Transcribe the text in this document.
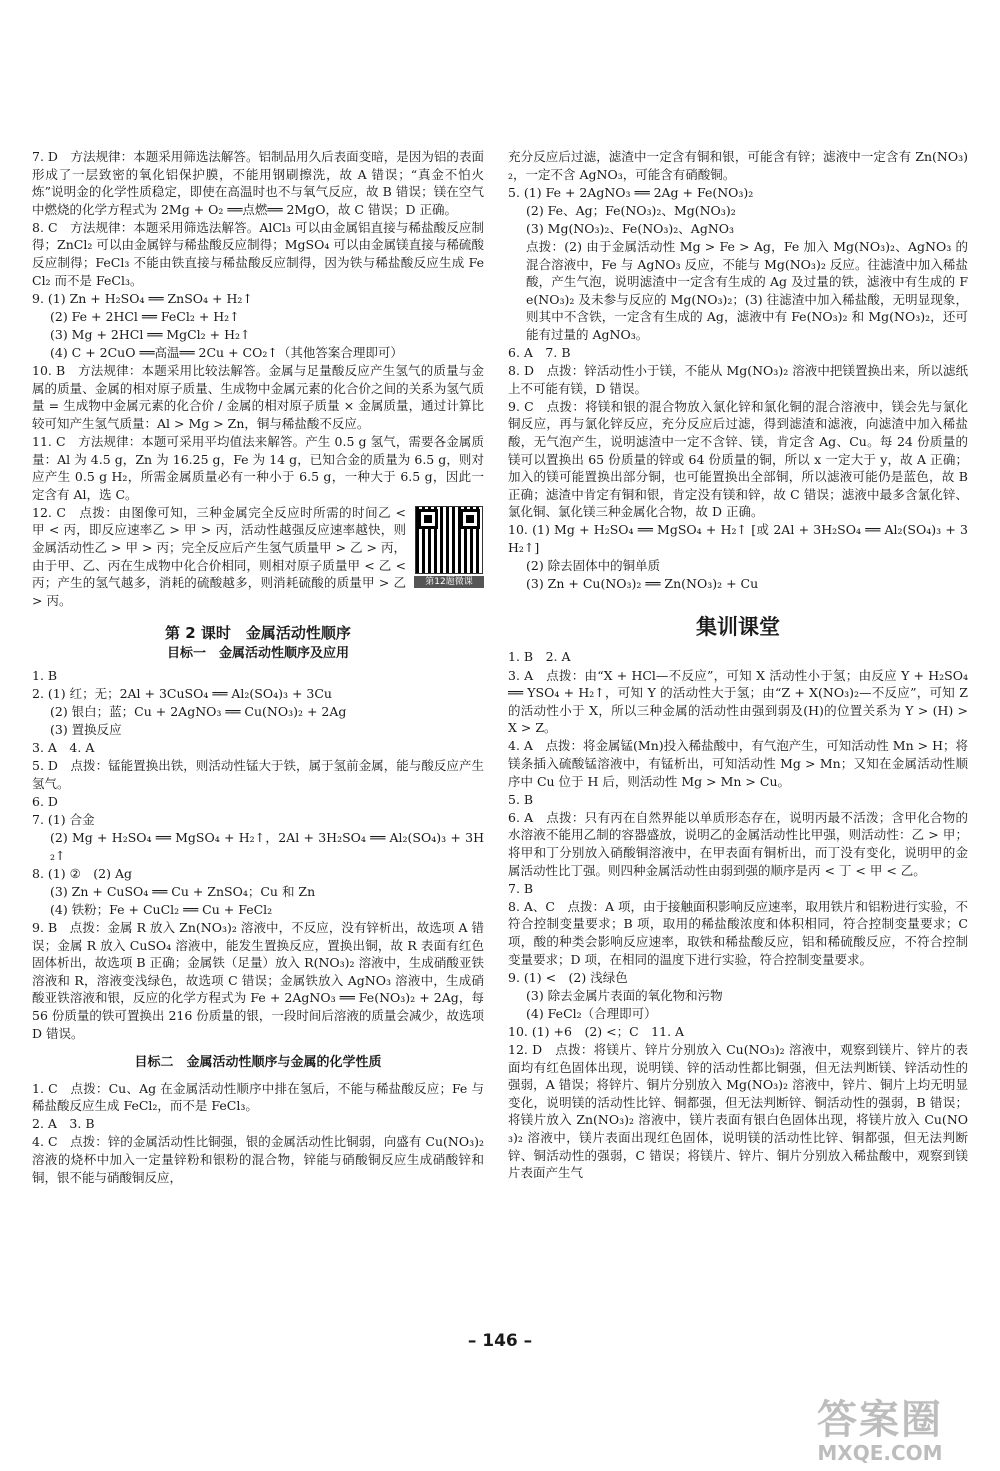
7. D　方法规律：本题采用筛选法解答。铝制品用久后表面变暗，是因为铝的表面形成了一层致密的氧化铝保护膜，不能用钢刷擦洗，故 A 错误；“真金不怕火炼”说明金的化学性质稳定，即使在高温时也不与氧气反应，故 B 错误；镁在空气中燃烧的化学方程式为 2Mg + O₂ ══点燃══ 2MgO，故 C 错误；D 正确。

8. C　方法规律：本题采用筛选法解答。AlCl₃ 可以由金属铝直接与稀盐酸反应制得；ZnCl₂ 可以由金属锌与稀盐酸反应制得；MgSO₄ 可以由金属镁直接与稀硫酸反应制得；FeCl₃ 不能由铁直接与稀盐酸反应制得，因为铁与稀盐酸反应生成 FeCl₂ 而不是 FeCl₃。

9. (1) Zn + H₂SO₄ ══ ZnSO₄ + H₂↑

(2) Fe + 2HCl ══ FeCl₂ + H₂↑

(3) Mg + 2HCl ══ MgCl₂ + H₂↑

(4) C + 2CuO ══高温══ 2Cu + CO₂↑（其他答案合理即可）

10. B　方法规律：本题采用比较法解答。金属与足量酸反应产生氢气的质量与金属的质量、金属的相对原子质量、生成物中金属元素的化合价之间的关系为氢气质量 = 生成物中金属元素的化合价 / 金属的相对原子质量 × 金属质量，通过计算比较可知产生氢气质量：Al > Mg > Zn，铜与稀盐酸不反应。

11. C　方法规律：本题可采用平均值法来解答。产生 0.5 g 氢气，需要各金属质量：Al 为 4.5 g，Zn 为 16.25 g，Fe 为 14 g，已知合金的质量为 6.5 g，则对应产生 0.5 g H₂，所需金属质量必有一种小于 6.5 g，一种大于 6.5 g，因此一定含有 Al，选 C。

第12题微课

12. C　点拨：由图像可知，三种金属完全反应时所需的时间乙 < 甲 < 丙，即反应速率乙 > 甲 > 丙，活动性越强反应速率越快，则金属活动性乙 > 甲 > 丙；完全反应后产生氢气质量甲 > 乙 > 丙，由于甲、乙、丙在生成物中化合价相同，则相对原子质量甲 < 乙 < 丙；产生的氢气越多，消耗的硫酸越多，则消耗硫酸的质量甲 > 乙 > 丙。

第 2 课时　金属活动性顺序
目标一　金属活动性顺序及应用

1. B

2. (1) 红；无；2Al + 3CuSO₄ ══ Al₂(SO₄)₃ + 3Cu

(2) 银白；蓝；Cu + 2AgNO₃ ══ Cu(NO₃)₂ + 2Ag

(3) 置换反应

3. A　4. A

5. D　点拨：锰能置换出铁，则活动性锰大于铁，属于氢前金属，能与酸反应产生氢气。

6. D

7. (1) 合金

(2) Mg + H₂SO₄ ══ MgSO₄ + H₂↑，2Al + 3H₂SO₄ ══ Al₂(SO₄)₃ + 3H₂↑

8. (1) ②　(2) Ag

(3) Zn + CuSO₄ ══ Cu + ZnSO₄；Cu 和 Zn

(4) 铁粉；Fe + CuCl₂ ══ Cu + FeCl₂

9. B　点拨：金属 R 放入 Zn(NO₃)₂ 溶液中，不反应，没有锌析出，故选项 A 错误；金属 R 放入 CuSO₄ 溶液中，能发生置换反应，置换出铜，故 R 表面有红色固体析出，故选项 B 正确；金属铁（足量）放入 R(NO₃)₂ 溶液中，生成硝酸亚铁溶液和 R，溶液变浅绿色，故选项 C 错误；金属铁放入 AgNO₃ 溶液中，生成硝酸亚铁溶液和银，反应的化学方程式为 Fe + 2AgNO₃ ══ Fe(NO₃)₂ + 2Ag，每 56 份质量的铁可置换出 216 份质量的银，一段时间后溶液的质量会减少，故选项 D 错误。

目标二　金属活动性顺序与金属的化学性质

1. C　点拨：Cu、Ag 在金属活动性顺序中排在氢后，不能与稀盐酸反应；Fe 与稀盐酸反应生成 FeCl₂，而不是 FeCl₃。

2. A　3. B

4. C　点拨：锌的金属活动性比铜强，银的金属活动性比铜弱，向盛有 Cu(NO₃)₂ 溶液的烧杯中加入一定量锌粉和银粉的混合物，锌能与硝酸铜反应生成硝酸锌和铜，银不能与硝酸铜反应，

充分反应后过滤，滤渣中一定含有铜和银，可能含有锌；滤液中一定含有 Zn(NO₃)₂，一定不含 AgNO₃，可能含有硝酸铜。

5. (1) Fe + 2AgNO₃ ══ 2Ag + Fe(NO₃)₂

(2) Fe、Ag；Fe(NO₃)₂、Mg(NO₃)₂

(3) Mg(NO₃)₂、Fe(NO₃)₂、AgNO₃

点拨：(2) 由于金属活动性 Mg > Fe > Ag，Fe 加入 Mg(NO₃)₂、AgNO₃ 的混合溶液中，Fe 与 AgNO₃ 反应，不能与 Mg(NO₃)₂ 反应。往滤渣中加入稀盐酸，产生气泡，说明滤渣中一定含有生成的 Ag 及过量的铁，滤液中有生成的 Fe(NO₃)₂ 及未参与反应的 Mg(NO₃)₂；(3) 往滤渣中加入稀盐酸，无明显现象，则其中不含铁，一定含有生成的 Ag，滤液中有 Fe(NO₃)₂ 和 Mg(NO₃)₂，还可能有过量的 AgNO₃。

6. A　7. B

8. D　点拨：锌活动性小于镁，不能从 Mg(NO₃)₂ 溶液中把镁置换出来，所以滤纸上不可能有镁，D 错误。

9. C　点拨：将镁和银的混合物放入氯化锌和氯化铜的混合溶液中，镁会先与氯化铜反应，再与氯化锌反应，充分反应后过滤，得到滤渣和滤液，向滤渣中加入稀盐酸，无气泡产生，说明滤渣中一定不含锌、镁，肯定含 Ag、Cu。每 24 份质量的镁可以置换出 65 份质量的锌或 64 份质量的铜，所以 x 一定大于 y，故 A 正确；加入的镁可能置换出部分铜，也可能置换出全部铜，所以滤液可能仍是蓝色，故 B 正确；滤渣中肯定有铜和银，肯定没有镁和锌，故 C 错误；滤液中最多含氯化锌、氯化铜、氯化镁三种金属化合物，故 D 正确。

10. (1) Mg + H₂SO₄ ══ MgSO₄ + H₂↑ [或 2Al + 3H₂SO₄ ══ Al₂(SO₄)₃ + 3H₂↑]

(2) 除去固体中的铜单质

(3) Zn + Cu(NO₃)₂ ══ Zn(NO₃)₂ + Cu

集训课堂

1. B　2. A

3. A　点拨：由“X + HCl—不反应”，可知 X 活动性小于氢；由反应 Y + H₂SO₄ ══ YSO₄ + H₂↑，可知 Y 的活动性大于氢；由“Z + X(NO₃)₂—不反应”，可知 Z 的活动性小于 X，所以三种金属的活动性由强到弱及(H)的位置关系为 Y > (H) > X > Z。

4. A　点拨：将金属锰(Mn)投入稀盐酸中，有气泡产生，可知活动性 Mn > H；将镁条插入硫酸锰溶液中，有锰析出，可知活动性 Mg > Mn；又知在金属活动性顺序中 Cu 位于 H 后，则活动性 Mg > Mn > Cu。

5. B

6. A　点拨：只有丙在自然界能以单质形态存在，说明丙最不活泼；含甲化合物的水溶液不能用乙制的容器盛放，说明乙的金属活动性比甲强，则活动性：乙 > 甲；将甲和丁分别放入硝酸铜溶液中，在甲表面有铜析出，而丁没有变化，说明甲的金属活动性比丁强。则四种金属活动性由弱到强的顺序是丙 < 丁 < 甲 < 乙。

7. B

8. A、C　点拨：A 项，由于接触面积影响反应速率，取用铁片和铝粉进行实验，不符合控制变量要求；B 项，取用的稀盐酸浓度和体积相同，符合控制变量要求；C 项，酸的种类会影响反应速率，取铁和稀盐酸反应，铝和稀硫酸反应，不符合控制变量要求；D 项，在相同的温度下进行实验，符合控制变量要求。

9. (1) <　(2) 浅绿色

(3) 除去金属片表面的氧化物和污物

(4) FeCl₂（合理即可）

10. (1) +6　(2) <；C　11. A

12. D　点拨：将镁片、锌片分别放入 Cu(NO₃)₂ 溶液中，观察到镁片、锌片的表面均有红色固体出现，说明镁、锌的活动性都比铜强，但无法判断镁、锌活动性的强弱，A 错误；将锌片、铜片分别放入 Mg(NO₃)₂ 溶液中，锌片、铜片上均无明显变化，说明镁的活动性比锌、铜都强，但无法判断锌、铜活动性的强弱，B 错误；将镁片放入 Zn(NO₃)₂ 溶液中，镁片表面有银白色固体出现，将镁片放入 Cu(NO₃)₂ 溶液中，镁片表面出现红色固体，说明镁的活动性比锌、铜都强，但无法判断锌、铜活动性的强弱，C 错误；将镁片、锌片、铜片分别放入稀盐酸中，观察到镁片表面产生气

– 146 –
答案圈
MXQE.COM
